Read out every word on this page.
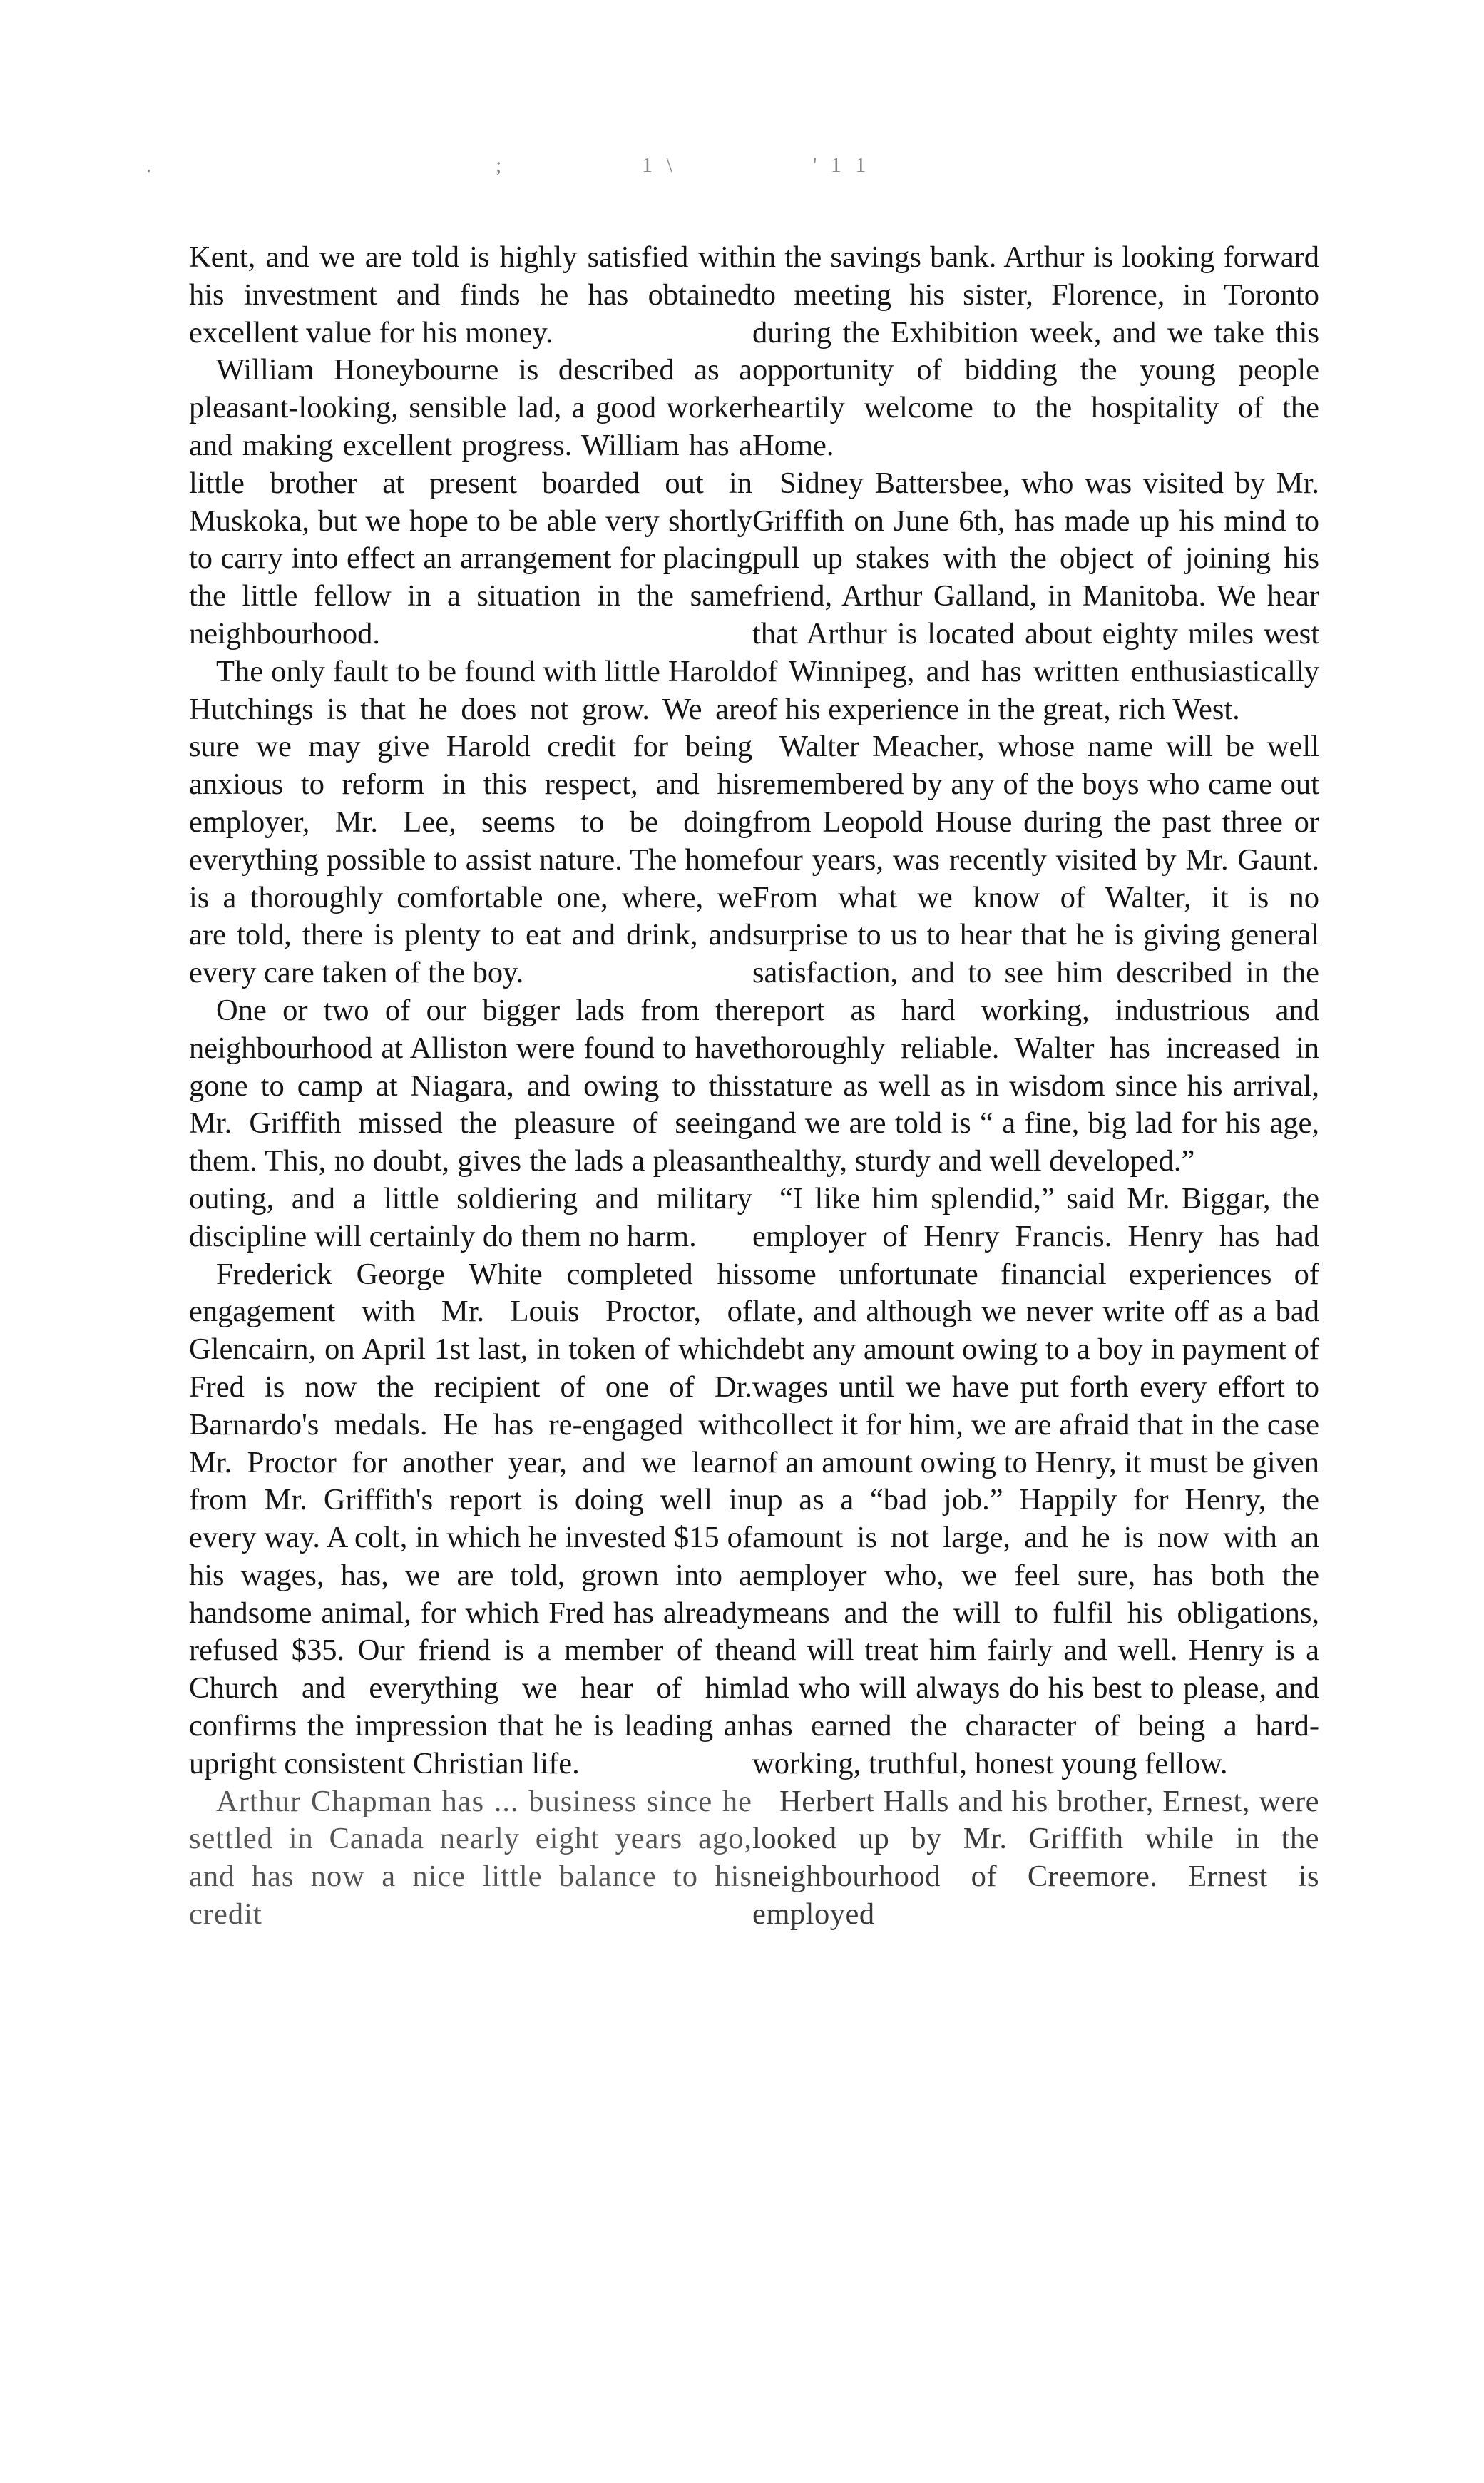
.	;	1 \	' 1 1

Kent, and we are told is highly satisfied with his investment and finds he has obtained excellent value for his money.

William Honeybourne is described as a pleasant-looking, sensible lad, a good worker and making excellent progress. William has a little brother at present boarded out in Muskoka, but we hope to be able very shortly to carry into effect an arrangement for placing the little fellow in a situation in the same neighbourhood.

The only fault to be found with little Harold Hutchings is that he does not grow. We are sure we may give Harold credit for being anxious to reform in this respect, and his employer, Mr. Lee, seems to be doing everything possible to assist nature. The home is a thoroughly comfortable one, where, we are told, there is plenty to eat and drink, and every care taken of the boy.

One or two of our bigger lads from the neighbourhood at Alliston were found to have gone to camp at Niagara, and owing to this Mr. Griffith missed the pleasure of seeing them. This, no doubt, gives the lads a pleasant outing, and a little soldiering and military discipline will certainly do them no harm.

Frederick George White completed his engagement with Mr. Louis Proctor, of Glencairn, on April 1st last, in token of which Fred is now the recipient of one of Dr. Barnardo's medals. He has re-engaged with Mr. Proctor for another year, and we learn from Mr. Griffith's report is doing well in every way. A colt, in which he invested $15 of his wages, has, we are told, grown into a handsome animal, for which Fred has already refused $35. Our friend is a member of the Church and everything we hear of him confirms the impression that he is leading an upright consistent Christian life.

Arthur Chapman has ... business since he settled in Canada nearly eight years ago, and has now a nice little balance to his credit

in the savings bank. Arthur is looking forward to meeting his sister, Florence, in Toronto during the Exhibition week, and we take this opportunity of bidding the young people heartily welcome to the hospitality of the Home.

Sidney Battersbee, who was visited by Mr. Griffith on June 6th, has made up his mind to pull up stakes with the object of joining his friend, Arthur Galland, in Manitoba. We hear that Arthur is located about eighty miles west of Winnipeg, and has written enthusiastically of his experience in the great, rich West.

Walter Meacher, whose name will be well remembered by any of the boys who came out from Leopold House during the past three or four years, was recently visited by Mr. Gaunt. From what we know of Walter, it is no surprise to us to hear that he is giving general satisfaction, and to see him described in the report as hard working, industrious and thoroughly reliable. Walter has increased in stature as well as in wisdom since his arrival, and we are told is “ a fine, big lad for his age, healthy, sturdy and well developed.”

“I like him splendid,” said Mr. Biggar, the employer of Henry Francis. Henry has had some unfortunate financial experiences of late, and although we never write off as a bad debt any amount owing to a boy in payment of wages until we have put forth every effort to collect it for him, we are afraid that in the case of an amount owing to Henry, it must be given up as a “bad job.” Happily for Henry, the amount is not large, and he is now with an employer who, we feel sure, has both the means and the will to fulfil his obligations, and will treat him fairly and well. Henry is a lad who will always do his best to please, and has earned the character of being a hard-working, truthful, honest young fellow.

Herbert Halls and his brother, Ernest, were looked up by Mr. Griffith while in the neighbourhood of Creemore. Ernest is employed
